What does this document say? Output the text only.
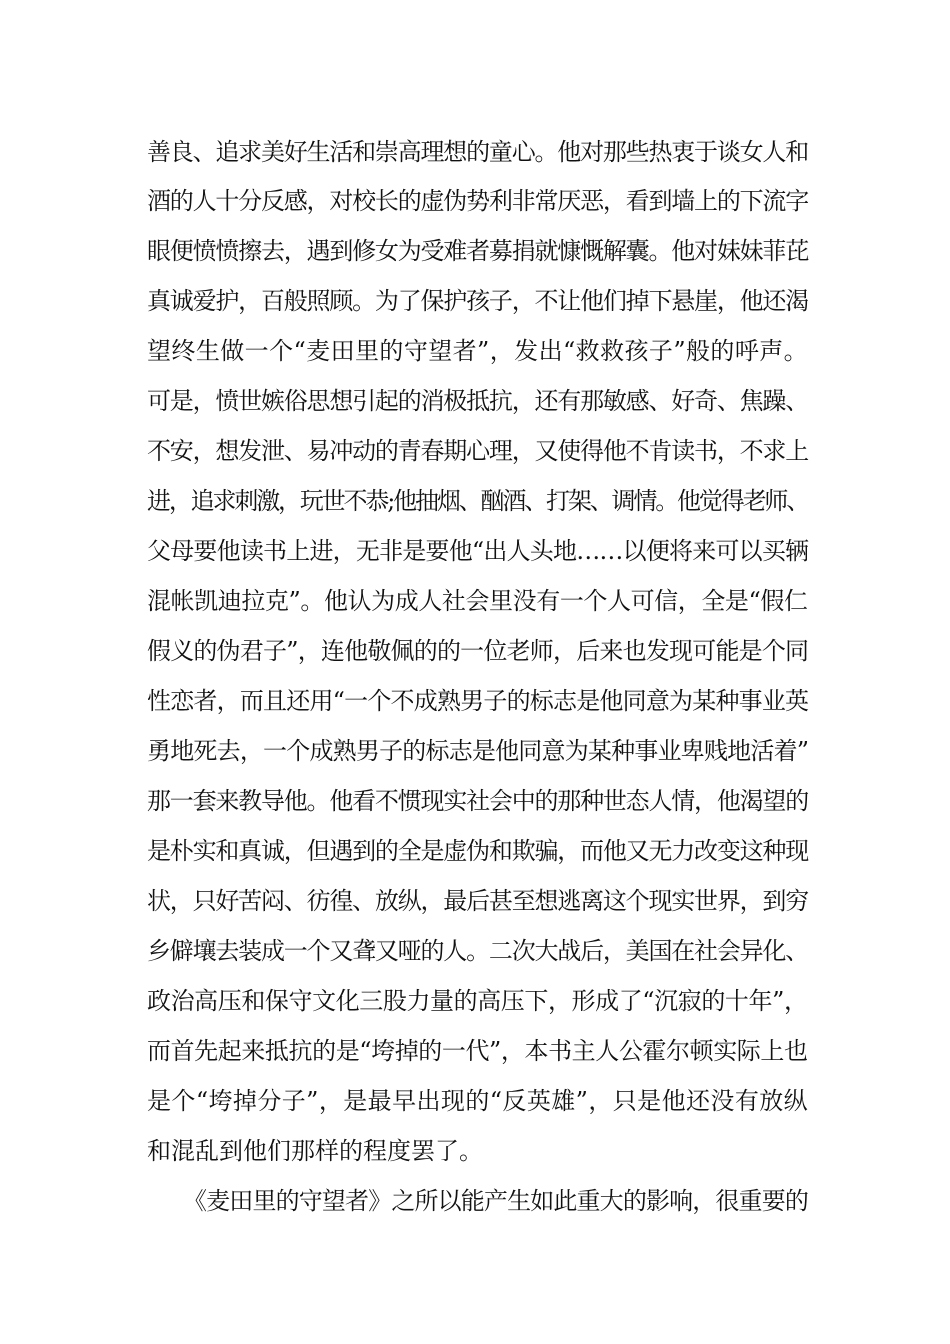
善良、追求美好生活和崇高理想的童心。他对那些热衷于谈女人和
酒的人十分反感，对校长的虚伪势利非常厌恶，看到墙上的下流字
眼便愤愤擦去，遇到修女为受难者募捐就慷慨解囊。他对妹妹菲芘
真诚爱护，百般照顾。为了保护孩子，不让他们掉下悬崖，他还渴
望终生做一个“麦田里的守望者”，发出“救救孩子”般的呼声。
可是，愤世嫉俗思想引起的消极抵抗，还有那敏感、好奇、焦躁、
不安，想发泄、易冲动的青春期心理，又使得他不肯读书，不求上
进，追求刺激，玩世不恭;他抽烟、酗酒、打架、调情。他觉得老师、
父母要他读书上进，无非是要他“出人头地……以便将来可以买辆
混帐凯迪拉克”。他认为成人社会里没有一个人可信，全是“假仁
假义的伪君子”，连他敬佩的的一位老师，后来也发现可能是个同
性恋者，而且还用“一个不成熟男子的标志是他同意为某种事业英
勇地死去，一个成熟男子的标志是他同意为某种事业卑贱地活着”
那一套来教导他。他看不惯现实社会中的那种世态人情，他渴望的
是朴实和真诚，但遇到的全是虚伪和欺骗，而他又无力改变这种现
状，只好苦闷、彷徨、放纵，最后甚至想逃离这个现实世界，到穷
乡僻壤去装成一个又聋又哑的人。二次大战后，美国在社会异化、
政治高压和保守文化三股力量的高压下，形成了“沉寂的十年”，
而首先起来抵抗的是“垮掉的一代”，本书主人公霍尔顿实际上也
是个“垮掉分子”，是最早出现的“反英雄”，只是他还没有放纵
和混乱到他们那样的程度罢了。
《麦田里的守望者》之所以能产生如此重大的影响，很重要的
